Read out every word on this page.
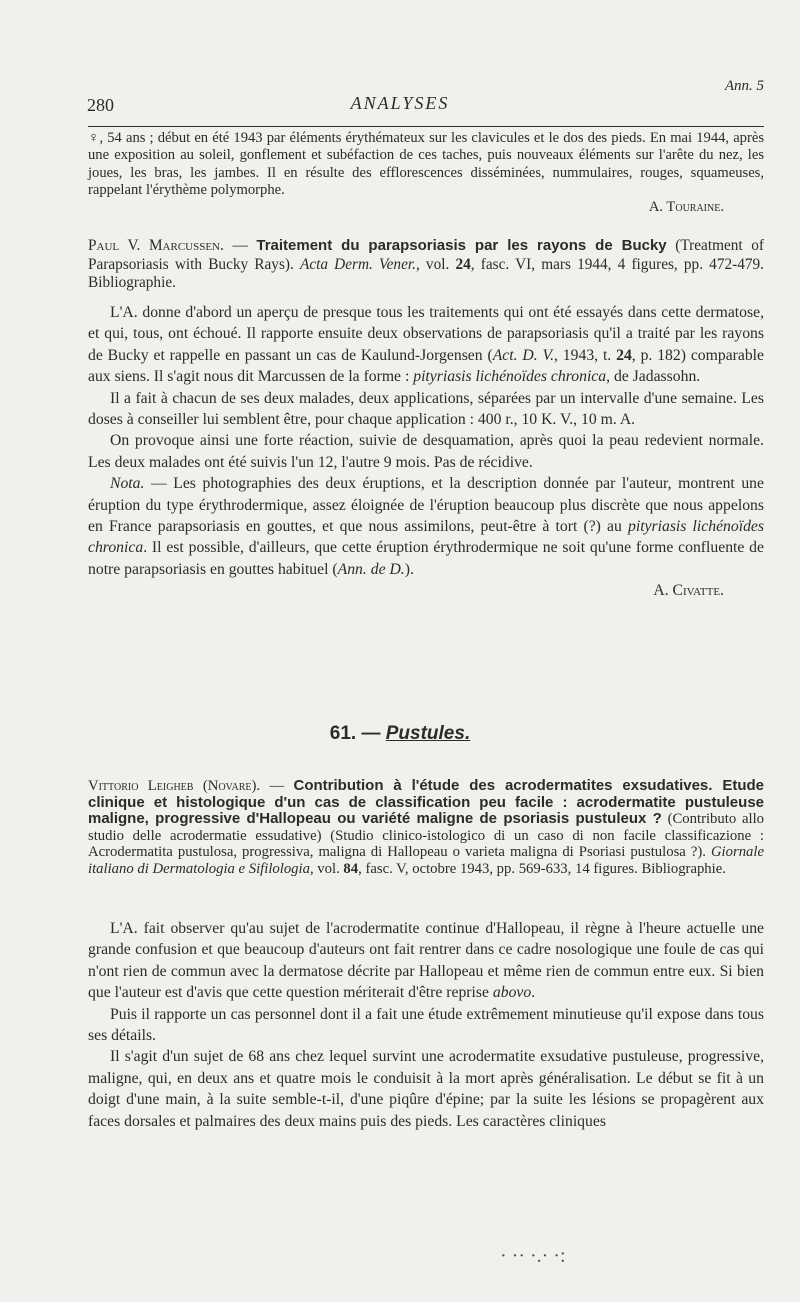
Ann. 5
280	ANALYSES

♀, 54 ans ; début en été 1943 par éléments érythémateux sur les clavicules et le dos des pieds. En mai 1944, après une exposition au soleil, gonflement et subéfaction de ces taches, puis nouveaux éléments sur l'arête du nez, les joues, les bras, les jambes. Il en résulte des efflorescences disséminées, nummulaires, rouges, squameuses, rappelant l'érythème polymorphe.

A. Touraine.

Paul V. Marcussen. — Traitement du parapsoriasis par les rayons de Bucky (Treatment of Parapsoriasis with Bucky Rays). Acta Derm. Vener., vol. 24, fasc. VI, mars 1944, 4 figures, pp. 472-479. Bibliographie.

L'A. donne d'abord un aperçu de presque tous les traitements qui ont été essayés dans cette dermatose, et qui, tous, ont échoué. Il rapporte ensuite deux observations de parapsoriasis qu'il a traité par les rayons de Bucky et rappelle en passant un cas de Kaulund-Jorgensen (Act. D. V., 1943, t. 24, p. 182) comparable aux siens. Il s'agit nous dit Marcussen de la forme : pityriasis lichénoïdes chronica, de Jadassohn.

Il a fait à chacun de ses deux malades, deux applications, séparées par un intervalle d'une semaine. Les doses à conseiller lui semblent être, pour chaque application : 400 r., 10 K. V., 10 m. A.

On provoque ainsi une forte réaction, suivie de desquamation, après quoi la peau redevient normale. Les deux malades ont été suivis l'un 12, l'autre 9 mois. Pas de récidive.

Nota. — Les photographies des deux éruptions, et la description donnée par l'auteur, montrent une éruption du type érythrodermique, assez éloignée de l'éruption beaucoup plus discrète que nous appelons en France parapsoriasis en gouttes, et que nous assimilons, peut-être à tort (?) au pityriasis lichénoïdes chronica. Il est possible, d'ailleurs, que cette éruption érythrodermique ne soit qu'une forme confluente de notre parapsoriasis en gouttes habituel (Ann. de D.).

A. Civatte.

61. — Pustules.

Vittorio Leigheb (Novare). — Contribution à l'étude des acrodermatites exsudatives. Etude clinique et histologique d'un cas de classification peu facile : acrodermatite pustuleuse maligne, progressive d'Hallopeau ou variété maligne de psoriasis pustuleux ? (Contributo allo studio delle acrodermatie essudative) (Studio clinico-istologico di un caso di non facile classificazione : Acrodermatita pustulosa, progressiva, maligna di Hallopeau o varieta maligna di Psoriasi pustulosa ?). Giornale italiano di Dermatologia e Sifilologia, vol. 84, fasc. V, octobre 1943, pp. 569-633, 14 figures. Bibliographie.

L'A. fait observer qu'au sujet de l'acrodermatite continue d'Hallopeau, il règne à l'heure actuelle une grande confusion et que beaucoup d'auteurs ont fait rentrer dans ce cadre nosologique une foule de cas qui n'ont rien de commun avec la dermatose décrite par Hallopeau et même rien de commun entre eux. Si bien que l'auteur est d'avis que cette question mériterait d'être reprise abovo.

Puis il rapporte un cas personnel dont il a fait une étude extrêmement minutieuse qu'il expose dans tous ses détails.

Il s'agit d'un sujet de 68 ans chez lequel survint une acrodermatite exsudative pustuleuse, progressive, maligne, qui, en deux ans et quatre mois le conduisit à la mort après généralisation. Le début se fit à un doigt d'une main, à la suite semble-t-il, d'une piqûre d'épine; par la suite les lésions se propagèrent aux faces dorsales et palmaires des deux mains puis des pieds. Les caractères cliniques

· ·· ·.· ·:
